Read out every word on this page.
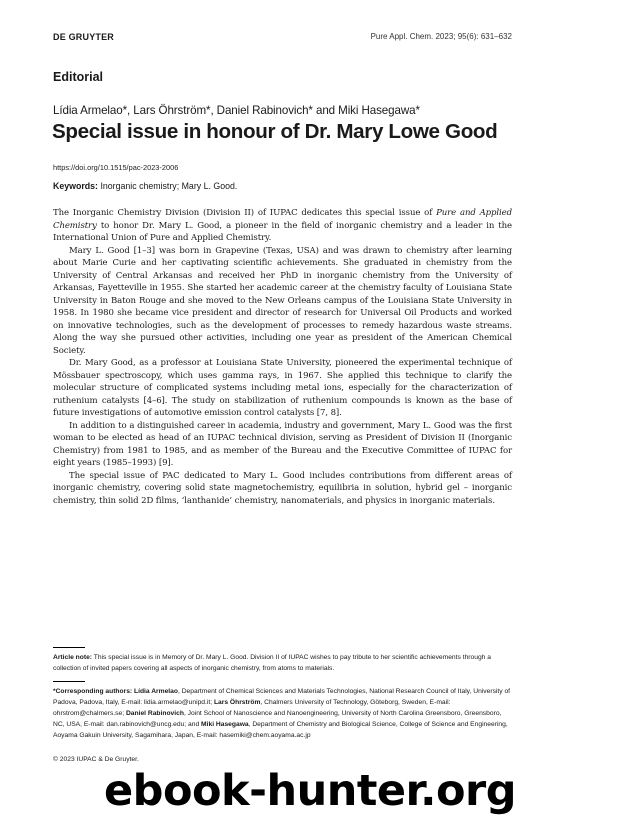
DE GRUYTER	Pure Appl. Chem. 2023; 95(6): 631–632
Editorial
Lídia Armelao*, Lars Öhrström*, Daniel Rabinovich* and Miki Hasegawa*
Special issue in honour of Dr. Mary Lowe Good
https://doi.org/10.1515/pac-2023-2006
Keywords: Inorganic chemistry; Mary L. Good.

The Inorganic Chemistry Division (Division II) of IUPAC dedicates this special issue of Pure and Applied Chemistry to honor Dr. Mary L. Good, a pioneer in the field of inorganic chemistry and a leader in the International Union of Pure and Applied Chemistry.

Mary L. Good [1–3] was born in Grapevine (Texas, USA) and was drawn to chemistry after learning about Marie Curie and her captivating scientific achievements. She graduated in chemistry from the University of Central Arkansas and received her PhD in inorganic chemistry from the University of Arkansas, Fayetteville in 1955. She started her academic career at the chemistry faculty of Louisiana State University in Baton Rouge and she moved to the New Orleans campus of the Louisiana State University in 1958. In 1980 she became vice president and director of research for Universal Oil Products and worked on innovative technologies, such as the development of processes to remedy hazardous waste streams. Along the way she pursued other activities, including one year as president of the American Chemical Society.

Dr. Mary Good, as a professor at Louisiana State University, pioneered the experimental technique of Mössbauer spectroscopy, which uses gamma rays, in 1967. She applied this technique to clarify the molecular structure of complicated systems including metal ions, especially for the characterization of ruthenium catalysts [4–6]. The study on stabilization of ruthenium compounds is known as the base of future investigations of automotive emission control catalysts [7, 8].

In addition to a distinguished career in academia, industry and government, Mary L. Good was the first woman to be elected as head of an IUPAC technical division, serving as President of Division II (Inorganic Chemistry) from 1981 to 1985, and as member of the Bureau and the Executive Committee of IUPAC for eight years (1985–1993) [9].

The special issue of PAC dedicated to Mary L. Good includes contributions from different areas of inorganic chemistry, covering solid state magnetochemistry, equilibria in solution, hybrid gel – inorganic chemistry, thin solid 2D films, ‘lanthanide’ chemistry, nanomaterials, and physics in inorganic materials.

Article note: This special issue is in Memory of Dr. Mary L. Good. Division II of IUPAC wishes to pay tribute to her scientific achievements through a collection of invited papers covering all aspects of inorganic chemistry, from atoms to materials.
*Corresponding authors: Lídia Armelao, Department of Chemical Sciences and Materials Technologies, National Research Council of Italy, University of Padova, Padova, Italy, E-mail: lidia.armelao@unipd.it; Lars Öhrström, Chalmers University of Technology, Göteborg, Sweden, E-mail: ohrstrom@chalmers.se; Daniel Rabinovich, Joint School of Nanoscience and Nanoengineering, University of North Carolina Greensboro, Greensboro, NC, USA, E-mail: dan.rabinovich@uncg.edu; and Miki Hasegawa, Department of Chemistry and Biological Science, College of Science and Engineering, Aoyama Gakuin University, Sagamihara, Japan, E-mail: hasemiki@chem.aoyama.ac.jp
© 2023 IUPAC & De Gruyter.
ebook-hunter.org
